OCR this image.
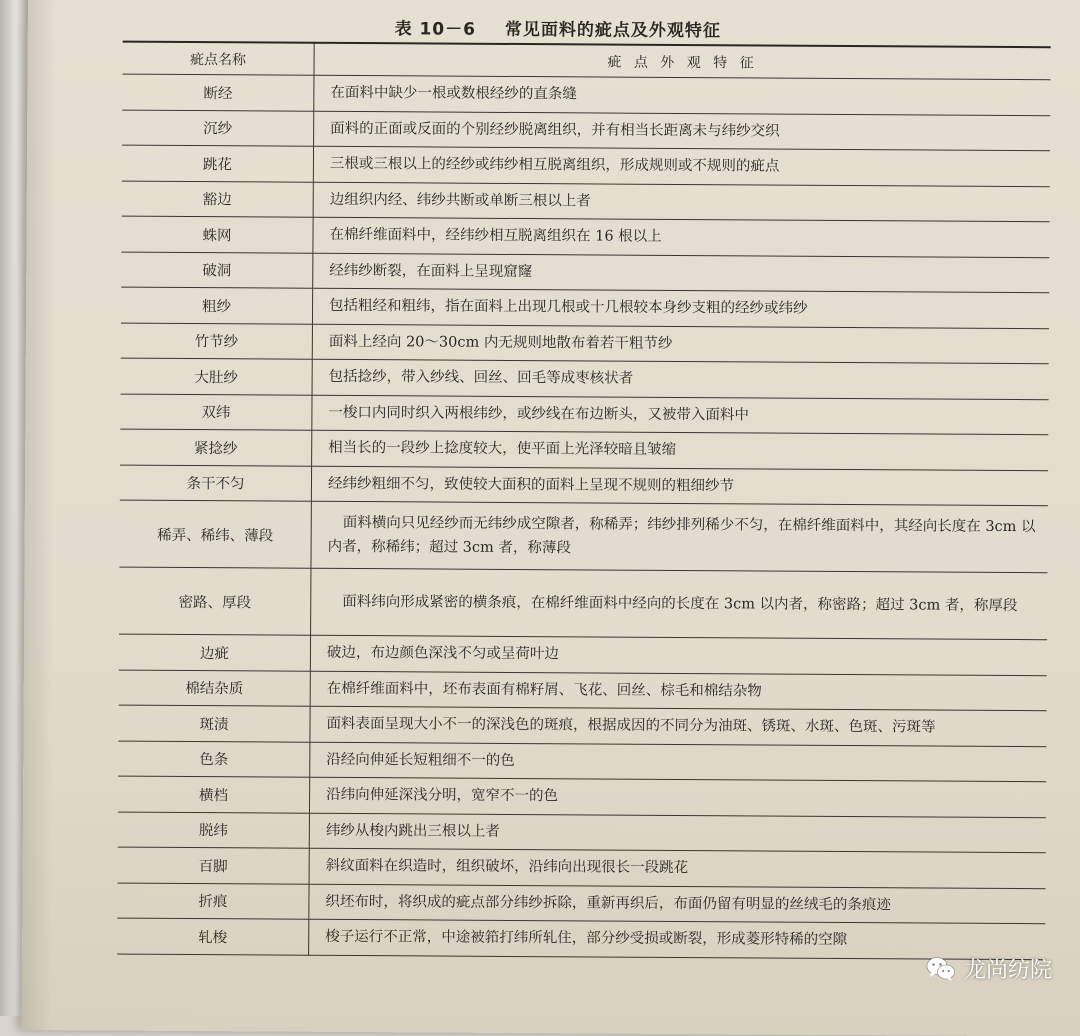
表 10－6 常见面料的疵点及外观特征
疵点名称	疵 点 外 观 特 征
断经	在面料中缺少一根或数根经纱的直条缝
沉纱	面料的正面或反面的个别经纱脱离组织，并有相当长距离未与纬纱交织
跳花	三根或三根以上的经纱或纬纱相互脱离组织，形成规则或不规则的疵点
豁边	边组织内经、纬纱共断或单断三根以上者
蛛网	在棉纤维面料中，经纬纱相互脱离组织在 16 根以上
破洞	经纬纱断裂，在面料上呈现窟窿
粗纱	包括粗经和粗纬，指在面料上出现几根或十几根较本身纱支粗的经纱或纬纱
竹节纱	面料上经向 20～30cm 内无规则地散布着若干粗节纱
大肚纱	包括捻纱，带入纱线、回丝、回毛等成枣核状者
双纬	一梭口内同时织入两根纬纱，或纱线在布边断头，又被带入面料中
紧捻纱	相当长的一段纱上捻度较大，使平面上光泽较暗且皱缩
条干不匀	经纬纱粗细不匀，致使较大面积的面料上呈现不规则的粗细纱节
稀弄、稀纬、薄段	面料横向只见经纱而无纬纱成空隙者，称稀弄；纬纱排列稀少不匀，在棉纤维面料中，其经向长度在 3cm 以内者，称稀纬；超过 3cm 者，称薄段
密路、厚段	面料纬向形成紧密的横条痕，在棉纤维面料中经向的长度在 3cm 以内者，称密路；超过 3cm 者，称厚段
边疵	破边，布边颜色深浅不匀或呈荷叶边
棉结杂质	在棉纤维面料中，坯布表面有棉籽屑、飞花、回丝、棕毛和棉结杂物
斑渍	面料表面呈现大小不一的深浅色的斑痕，根据成因的不同分为油斑、锈斑、水斑、色斑、污斑等
色条	沿经向伸延长短粗细不一的色
横档	沿纬向伸延深浅分明，宽窄不一的色
脱纬	纬纱从梭内跳出三根以上者
百脚	斜纹面料在织造时，组织破坏，沿纬向出现很长一段跳花
折痕	织坯布时，将织成的疵点部分纬纱拆除，重新再织后，布面仍留有明显的丝绒毛的条痕迹
轧梭	梭子运行不正常，中途被筘打纬所轧住，部分纱受损或断裂，形成菱形特稀的空隙
龙尚纺院
